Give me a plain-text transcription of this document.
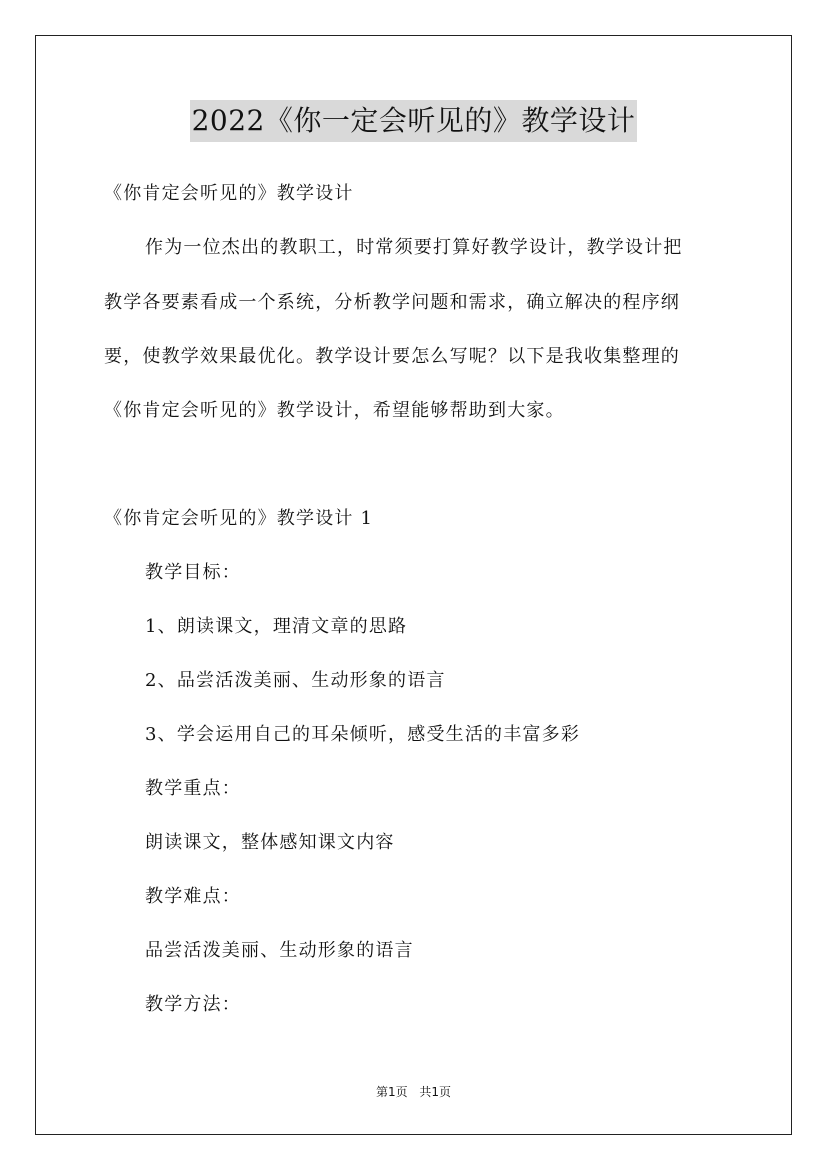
2022《你一定会听见的》教学设计
《你肯定会听见的》教学设计
作为一位杰出的教职工，时常须要打算好教学设计，教学设计把
教学各要素看成一个系统，分析教学问题和需求，确立解决的程序纲
要，使教学效果最优化。教学设计要怎么写呢？以下是我收集整理的
《你肯定会听见的》教学设计，希望能够帮助到大家。
《你肯定会听见的》教学设计 1
教学目标：
1、朗读课文，理清文章的思路
2、品尝活泼美丽、生动形象的语言
3、学会运用自己的耳朵倾听，感受生活的丰富多彩
教学重点：
朗读课文，整体感知课文内容
教学难点：
品尝活泼美丽、生动形象的语言
教学方法：
第1页 共1页
